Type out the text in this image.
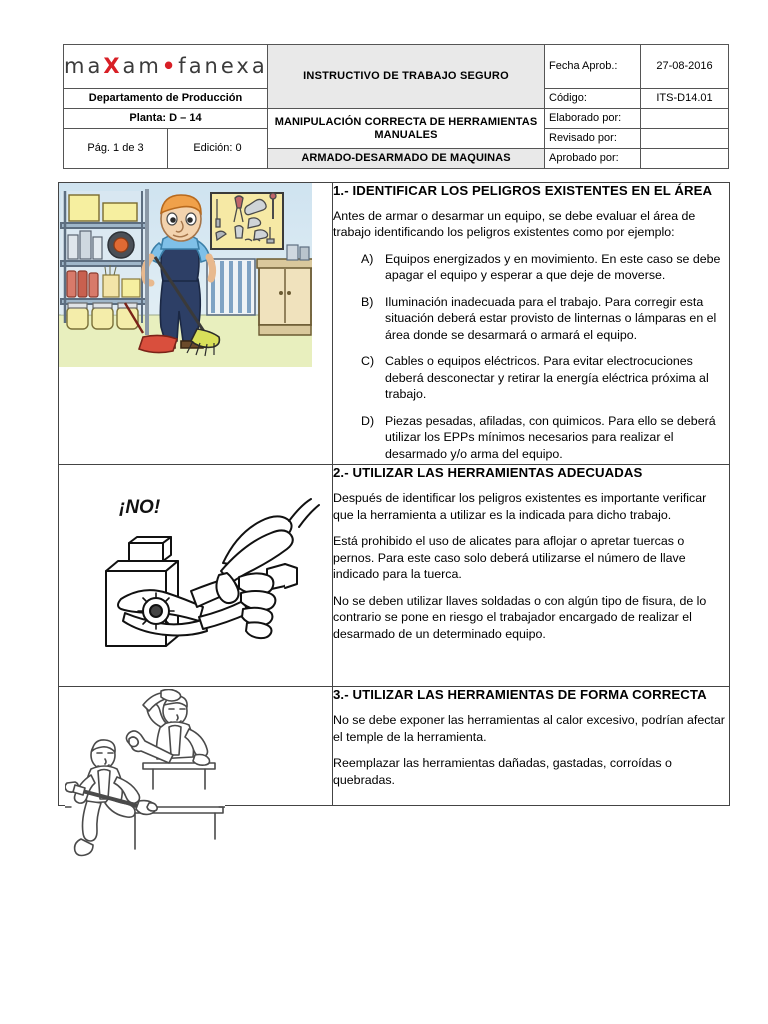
maXam•fanexa		INSTRUCTIVO DE TRABAJO SEGURO	Fecha Aprob.:	27-08-2016
Departamento de Producción			Código:	ITS-D14.01
Planta: D – 14		MANIPULACIÓN CORRECTA DE HERRAMIENTAS MANUALES	Elaborado por:	
Pág. 1 de 3	Edición: 0		Revisado por:	
		ARMADO-DESARMADO DE MAQUINAS	Aprobado por:	

1.- IDENTIFICAR LOS PELIGROS EXISTENTES EN EL ÁREA

Antes de armar o desarmar un equipo, se debe evaluar el área de trabajo identificando los peligros existentes como por ejemplo:

A) Equipos energizados y en movimiento. En este caso se debe apagar el equipo y esperar a que deje de moverse.
B) Iluminación inadecuada para el trabajo. Para corregir esta situación deberá estar provisto de linternas o lámparas en el área donde se desarmará o armará el equipo.
C) Cables o equipos eléctricos. Para evitar electrocuciones deberá desconectar y retirar la energía eléctrica próxima al trabajo.
D) Piezas pesadas, afiladas, con quimicos. Para ello se deberá utilizar los EPPs mínimos necesarios para realizar el desarmado y/o arma del equipo.

¡NO!

2.- UTILIZAR LAS HERRAMIENTAS ADECUADAS

Después de identificar los peligros existentes es importante verificar que la herramienta a utilizar es la indicada para dicho trabajo.

Está prohibido el uso de alicates para aflojar o apretar tuercas o pernos. Para este caso solo deberá utilizarse el número de llave indicado para la tuerca.

No se deben utilizar llaves soldadas o con algún tipo de fisura, de lo contrario se pone en riesgo el trabajador encargado de realizar el desarmado de un determinado equipo.

3.- UTILIZAR LAS HERRAMIENTAS DE FORMA CORRECTA

No se debe exponer las herramientas al calor excesivo, podrían afectar el temple de la herramienta.

Reemplazar las herramientas dañadas, gastadas, corroídas o quebradas.
